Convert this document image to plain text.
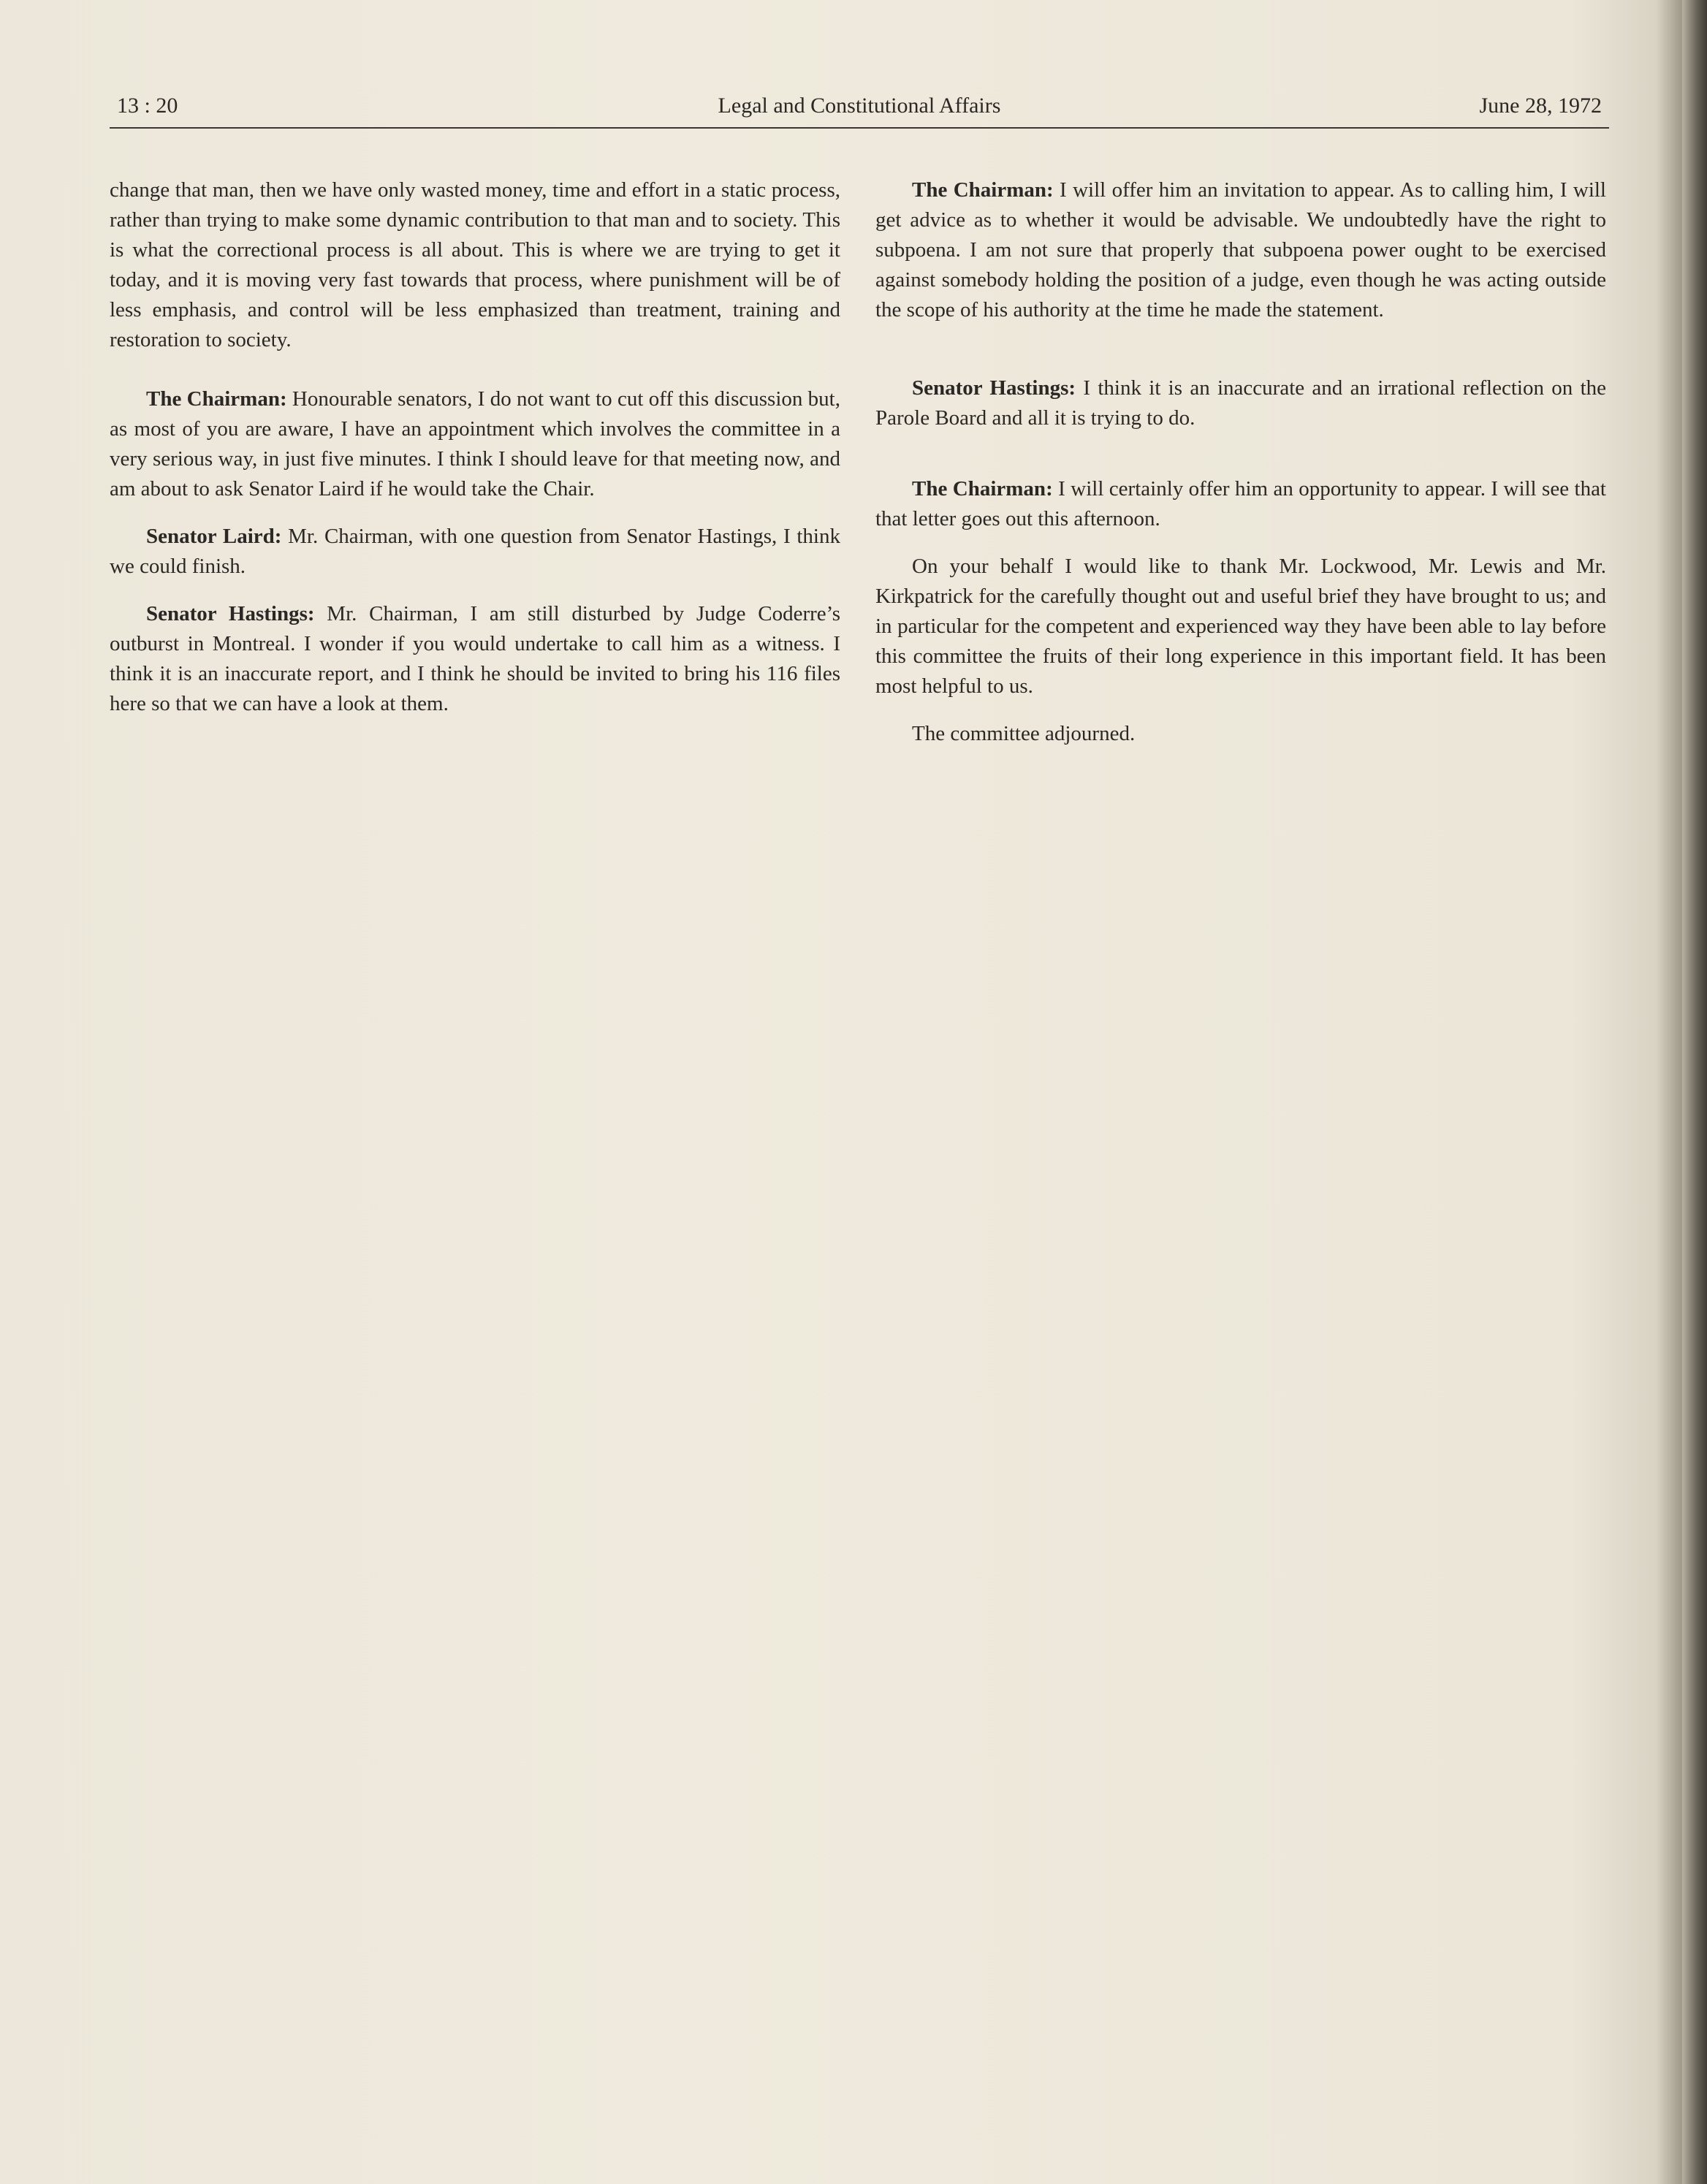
13 : 20	Legal and Constitutional Affairs	June 28, 1972

change that man, then we have only wasted money, time and effort in a static process, rather than trying to make some dynamic contribution to that man and to society. This is what the correctional process is all about. This is where we are trying to get it today, and it is moving very fast towards that process, where punishment will be of less emphasis, and control will be less emphasized than treatment, training and restoration to society.

The Chairman: Honourable senators, I do not want to cut off this discussion but, as most of you are aware, I have an appointment which involves the committee in a very serious way, in just five minutes. I think I should leave for that meeting now, and am about to ask Senator Laird if he would take the Chair.

Senator Laird: Mr. Chairman, with one question from Senator Hastings, I think we could finish.

Senator Hastings: Mr. Chairman, I am still disturbed by Judge Coderre’s outburst in Montreal. I wonder if you would undertake to call him as a witness. I think it is an inaccurate report, and I think he should be invited to bring his 116 files here so that we can have a look at them.

The Chairman: I will offer him an invitation to appear. As to calling him, I will get advice as to whether it would be advisable. We undoubtedly have the right to subpoena. I am not sure that properly that subpoena power ought to be exercised against somebody holding the position of a judge, even though he was acting outside the scope of his authority at the time he made the statement.

Senator Hastings: I think it is an inaccurate and an irrational reflection on the Parole Board and all it is trying to do.

The Chairman: I will certainly offer him an opportunity to appear. I will see that that letter goes out this afternoon.

On your behalf I would like to thank Mr. Lockwood, Mr. Lewis and Mr. Kirkpatrick for the carefully thought out and useful brief they have brought to us; and in particular for the competent and experienced way they have been able to lay before this committee the fruits of their long experience in this important field. It has been most helpful to us.

The committee adjourned.
